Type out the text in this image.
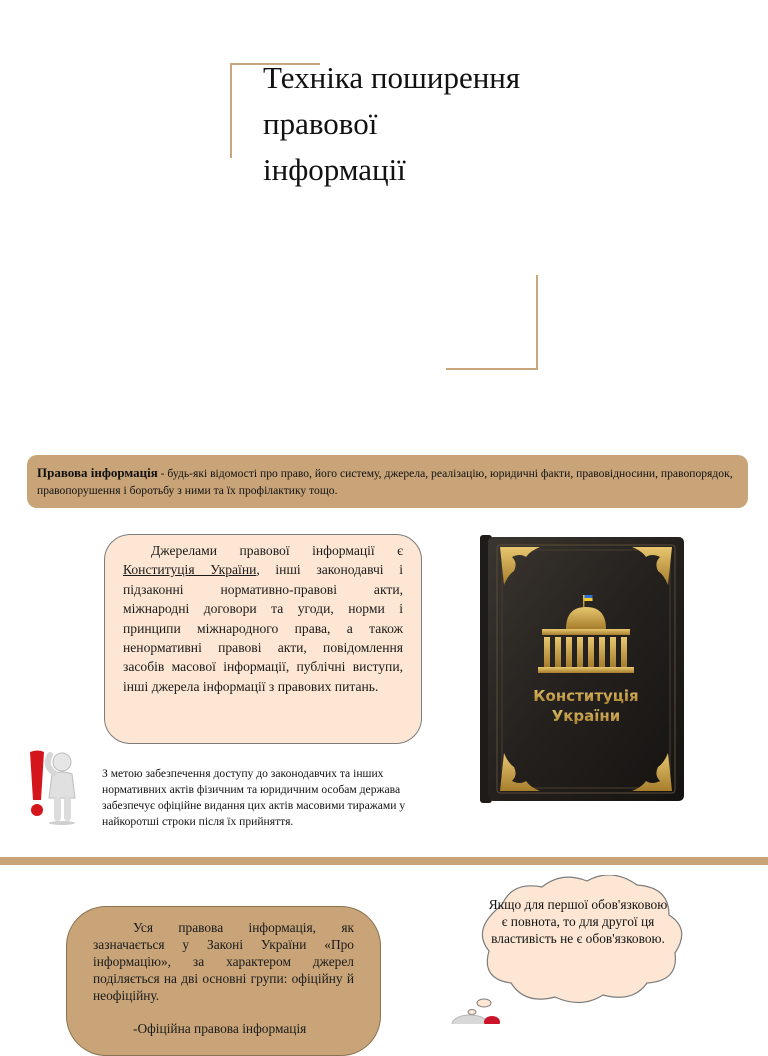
Техніка поширення правової інформації
Правова інформація - будь-які відомості про право, його систему, джерела, реалізацію, юридичні факти, правовідносини, правопорядок, правопорушення і боротьбу з ними та їх профілактику тощо.
Джерелами правової інформації є Конституція України, інші законодавчі і підзаконні нормативно-правові акти, міжнародні договори та угоди, норми і принципи міжнародного права, а також ненормативні правові акти, повідомлення засобів масової інформації, публічні виступи, інші джерела інформації з правових питань.
Конституція
України
З метою забезпечення доступу до законодавчих та інших нормативних актів фізичним та юридичним особам держава забезпечує офіційне видання цих актів масовими тиражами у найкоротші строки після їх прийняття.

Уся правова інформація, як зазначається у Законі України «Про інформацію», за характером джерел поділяється на дві основні групи: офіційну й неофіційну.

-Офіційна правова інформація

Якщо для першої обов'язковою є повнота, то для другої ця властивість не є обов'язковою.
